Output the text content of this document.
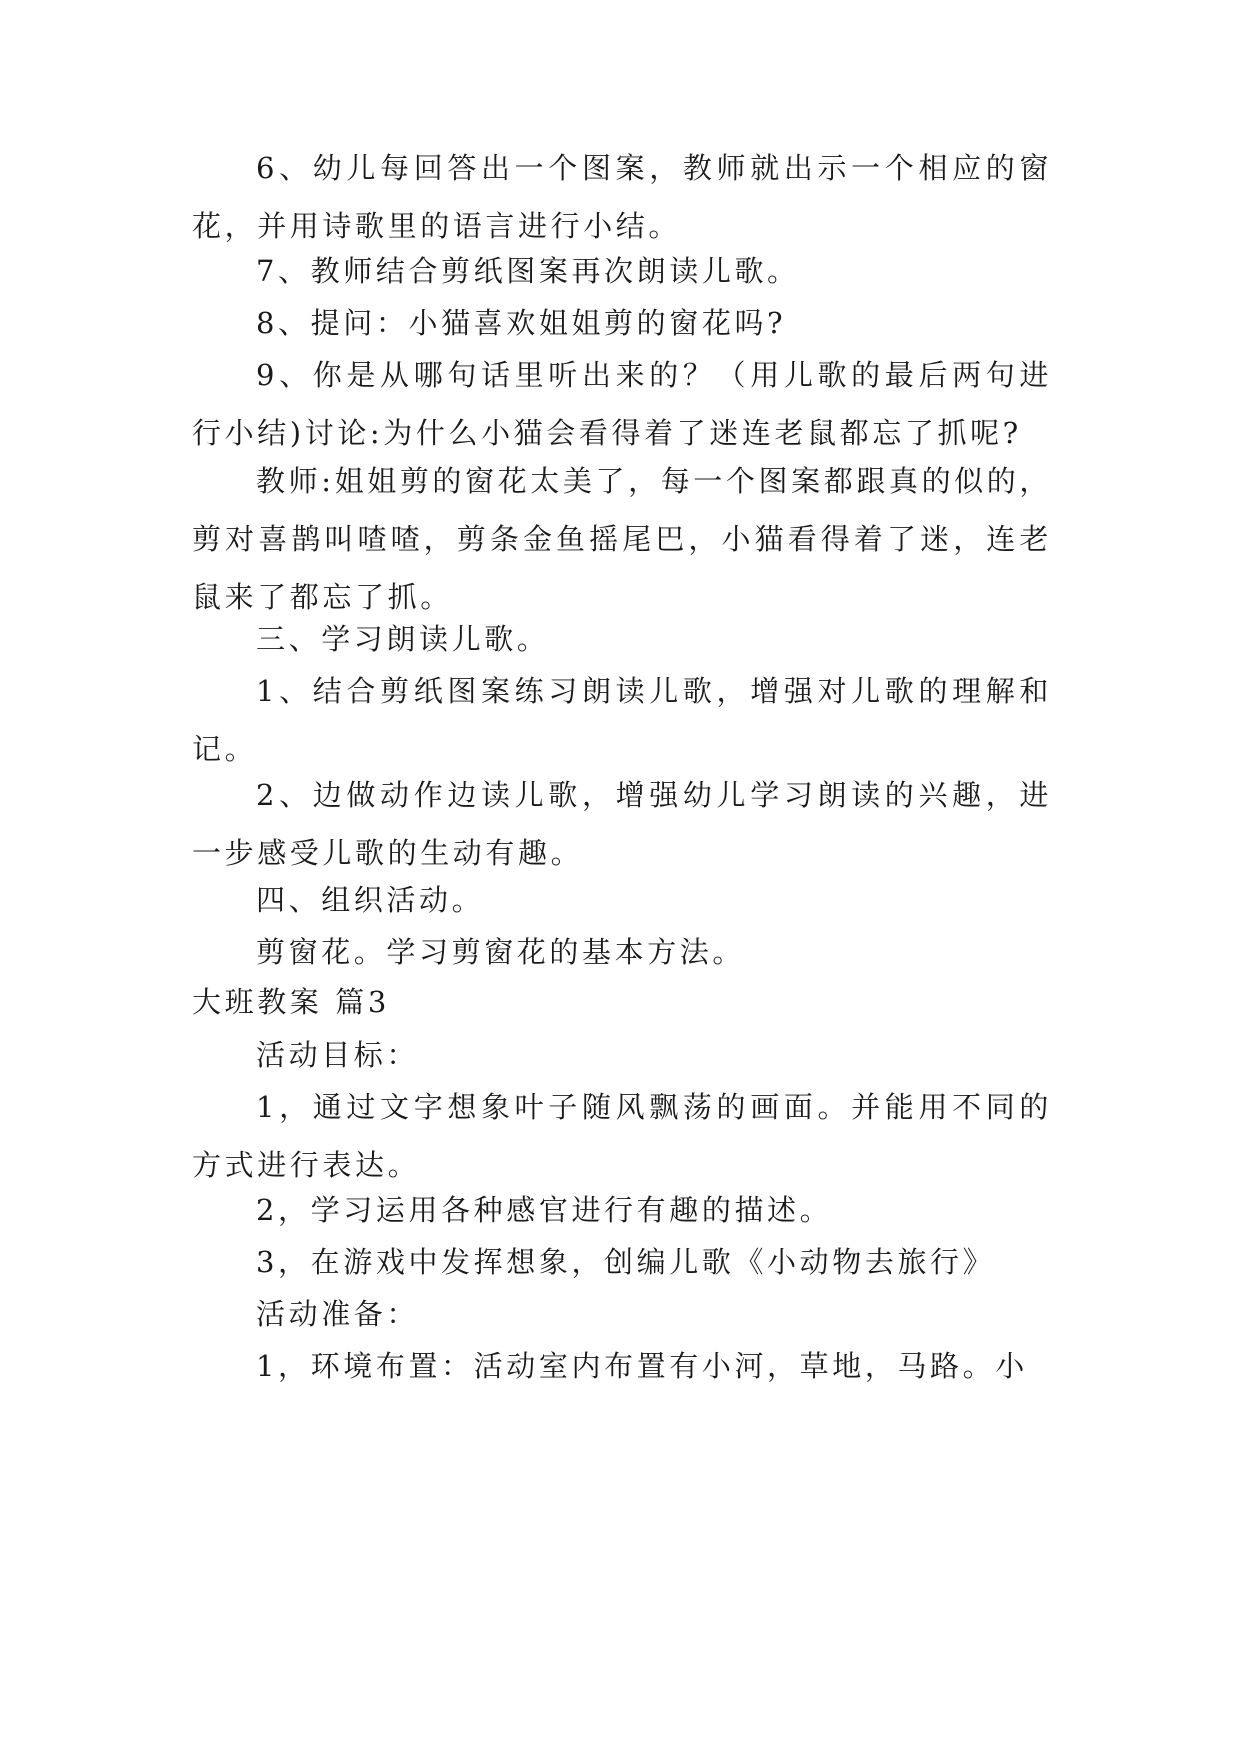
6、幼儿每回答出一个图案，教师就出示一个相应的窗花，并用诗歌里的语言进行小结。

7、教师结合剪纸图案再次朗读儿歌。

8、提问：小猫喜欢姐姐剪的窗花吗?

9、你是从哪句话里听出来的？（用儿歌的最后两句进行小结)讨论:为什么小猫会看得着了迷连老鼠都忘了抓呢?

教师:姐姐剪的窗花太美了，每一个图案都跟真的似的，剪对喜鹊叫喳喳，剪条金鱼摇尾巴，小猫看得着了迷，连老鼠来了都忘了抓。

三、学习朗读儿歌。

1、结合剪纸图案练习朗读儿歌，增强对儿歌的理解和记。

2、边做动作边读儿歌，增强幼儿学习朗读的兴趣，进一步感受儿歌的生动有趣。

四、组织活动。

剪窗花。学习剪窗花的基本方法。

大班教案 篇3

活动目标：

1，通过文字想象叶子随风飘荡的画面。并能用不同的方式进行表达。

2，学习运用各种感官进行有趣的描述。

3，在游戏中发挥想象，创编儿歌《小动物去旅行》

活动准备：

1，环境布置：活动室内布置有小河，草地，马路。小
